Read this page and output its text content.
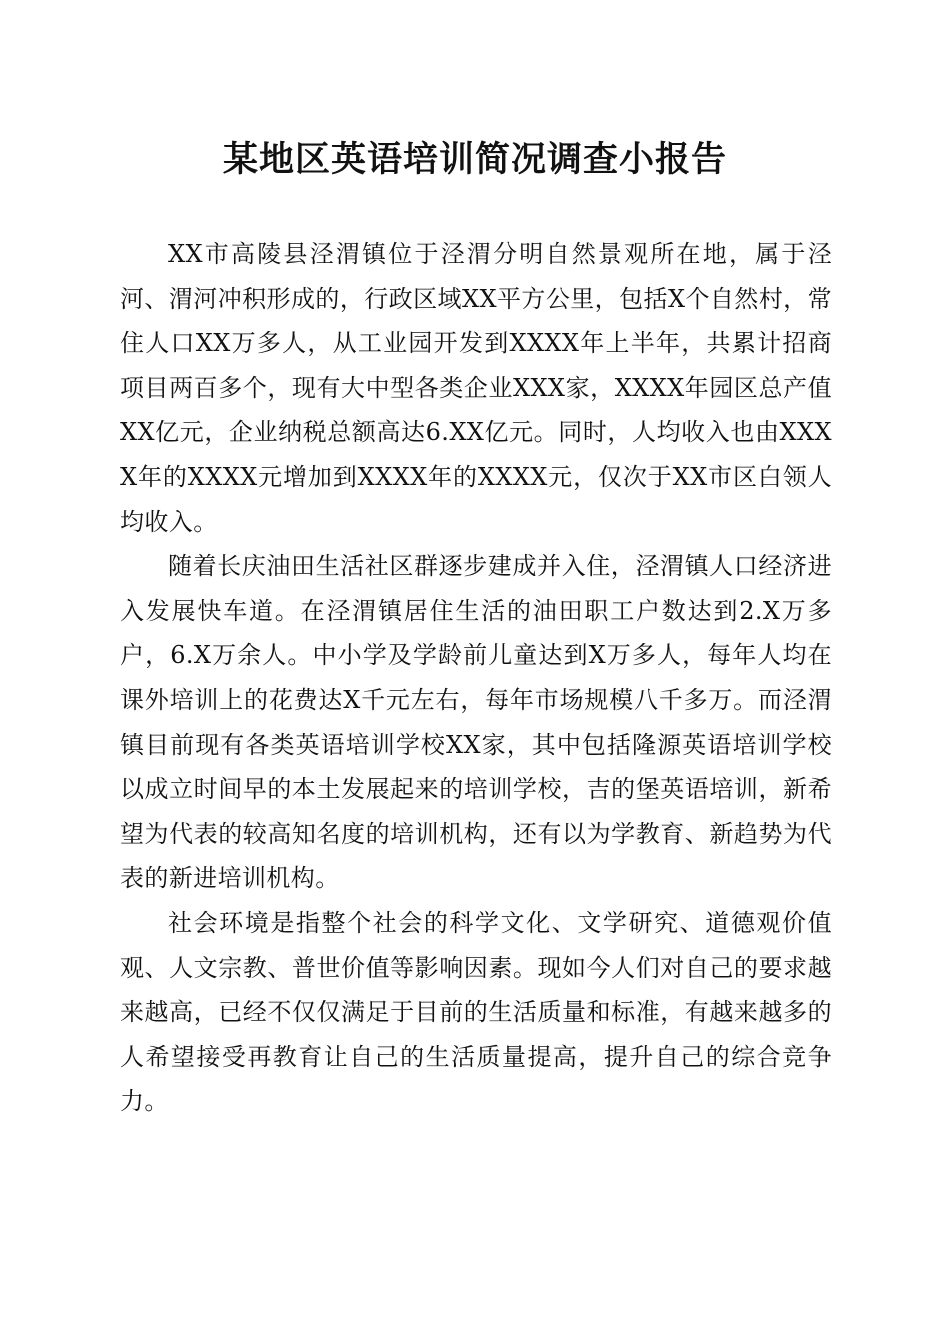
某地区英语培训简况调查小报告

XX市高陵县泾渭镇位于泾渭分明自然景观所在地，属于泾河、渭河冲积形成的，行政区域XX平方公里，包括X个自然村，常住人口XX万多人，从工业园开发到XXXX年上半年，共累计招商项目两百多个，现有大中型各类企业XXX家，XXXX年园区总产值XX亿元，企业纳税总额高达6.XX亿元。同时，人均收入也由XXXX年的XXXX元增加到XXXX年的XXXX元，仅次于XX市区白领人均收入。

随着长庆油田生活社区群逐步建成并入住，泾渭镇人口经济进入发展快车道。在泾渭镇居住生活的油田职工户数达到2.X万多户，6.X万余人。中小学及学龄前儿童达到X万多人，每年人均在课外培训上的花费达X千元左右，每年市场规模八千多万。而泾渭镇目前现有各类英语培训学校XX家，其中包括隆源英语培训学校以成立时间早的本土发展起来的培训学校，吉的堡英语培训，新希望为代表的较高知名度的培训机构，还有以为学教育、新趋势为代表的新进培训机构。

社会环境是指整个社会的科学文化、文学研究、道德观价值观、人文宗教、普世价值等影响因素。现如今人们对自己的要求越来越高，已经不仅仅满足于目前的生活质量和标准，有越来越多的人希望接受再教育让自己的生活质量提高，提升自己的综合竞争力。
